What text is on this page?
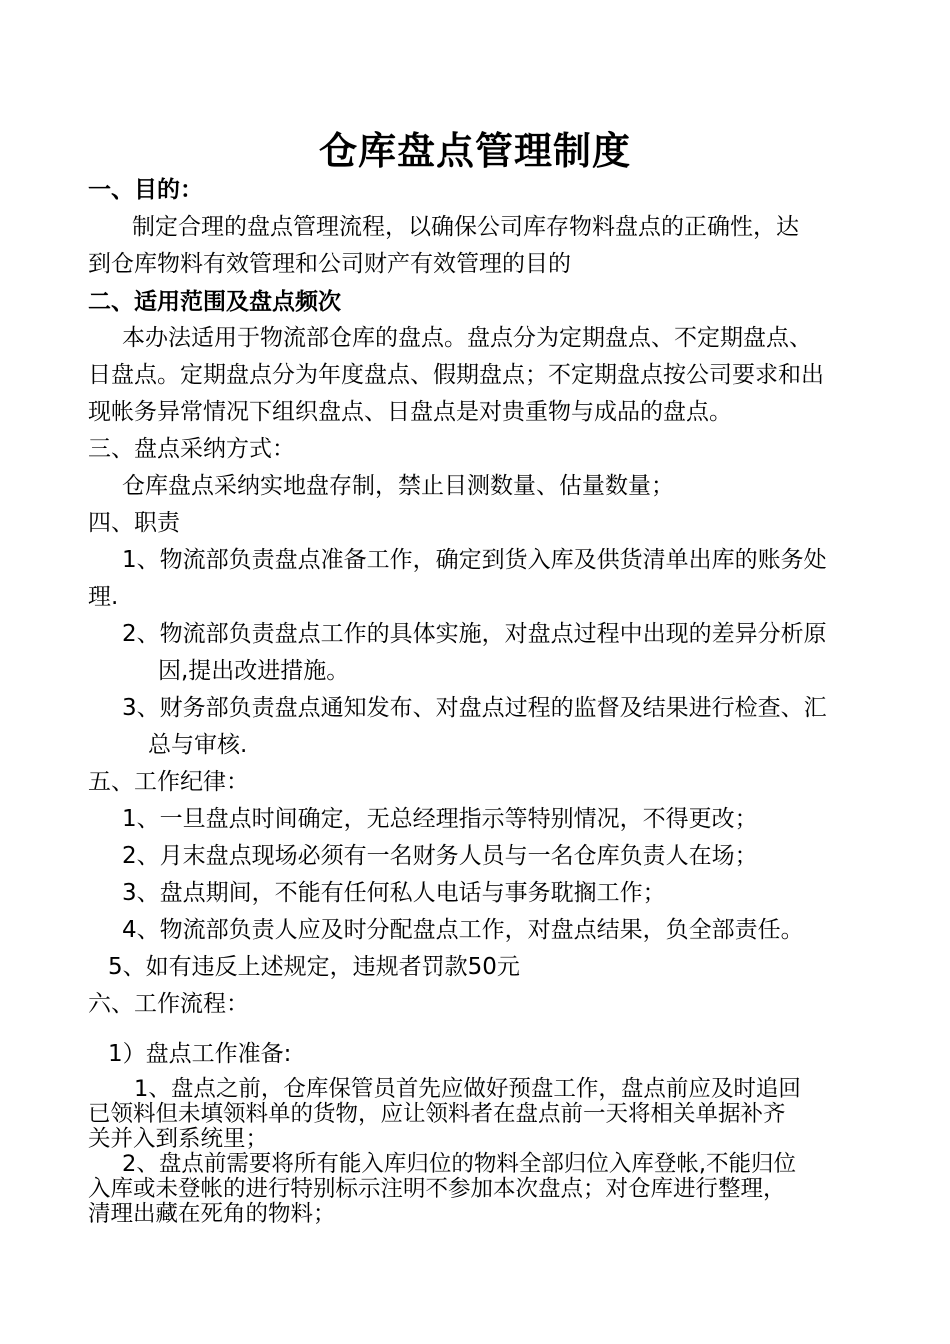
仓库盘点管理制度
一、目的：
制定合理的盘点管理流程，以确保公司库存物料盘点的正确性，达
到仓库物料有效管理和公司财产有效管理的目的
二、适用范围及盘点频次
本办法适用于物流部仓库的盘点。盘点分为定期盘点、不定期盘点、
日盘点。定期盘点分为年度盘点、假期盘点；不定期盘点按公司要求和出
现帐务异常情况下组织盘点、日盘点是对贵重物与成品的盘点。
三、盘点采纳方式：
仓库盘点采纳实地盘存制，禁止目测数量、估量数量；
四、职责
1、物流部负责盘点准备工作，确定到货入库及供货清单出库的账务处
理.
2、物流部负责盘点工作的具体实施，对盘点过程中出现的差异分析原
因,提出改进措施。
3、财务部负责盘点通知发布、对盘点过程的监督及结果进行检查、汇
总与审核.
五、工作纪律：
1、一旦盘点时间确定，无总经理指示等特别情况，不得更改；
2、月末盘点现场必须有一名财务人员与一名仓库负责人在场；
3、盘点期间，不能有任何私人电话与事务耽搁工作；
4、物流部负责人应及时分配盘点工作，对盘点结果，负全部责任。
5、如有违反上述规定，违规者罚款50元
六、工作流程：
1）盘点工作准备:
1、盘点之前，仓库保管员首先应做好预盘工作，盘点前应及时追回
已领料但未填领料单的货物，应让领料者在盘点前一天将相关单据补齐
关并入到系统里；
2、盘点前需要将所有能入库归位的物料全部归位入库登帐,不能归位
入库或未登帐的进行特别标示注明不参加本次盘点；对仓库进行整理，
清理出藏在死角的物料；
